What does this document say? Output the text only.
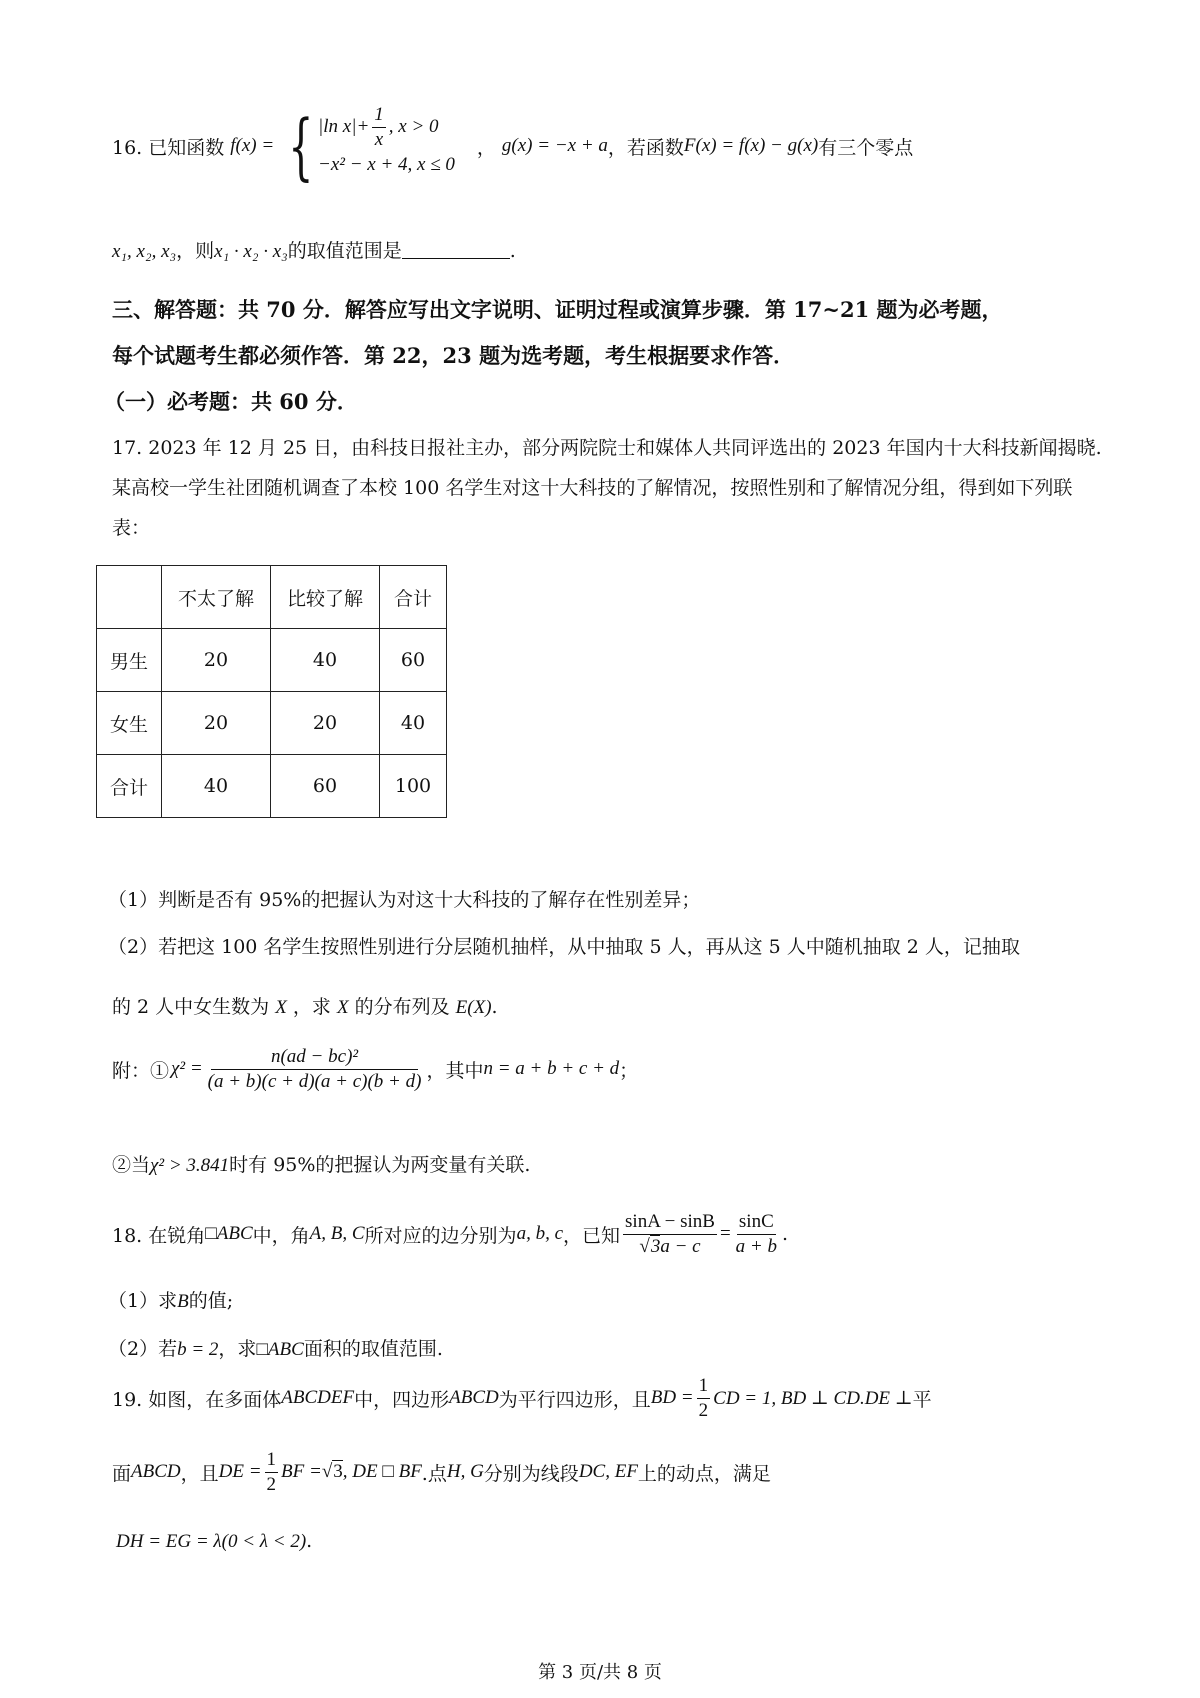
16. 已知函数 f(x) = { |ln $x| + \frac{1}{x}$ , x > 0
−x² − x + 4, x ≤ 0
， g(x) = −x + a ，若函数 F(x) = f(x) − g(x) 有三个零点
x₁, x₂, x₃，则x₁ · x₂ · x₃的取值范围是	.
三、解答题：共 70 分．解答应写出文字说明、证明过程或演算步骤．第 17~21 题为必考题，
每个试题考生都必须作答．第 22，23 题为选考题，考生根据要求作答．
（一）必考题：共 60 分．
17. 2023 年 12 月 25 日，由科技日报社主办，部分两院院士和媒体人共同评选出的 2023 年国内十大科技新闻揭晓.某高校一学生社团随机调查了本校 100 名学生对这十大科技的了解情况，按照性别和了解情况分组，得到如下列联表：
	不太了解	比较了解	合计
男生	20	40	60
女生	20	20	40
合计	40	60	100
（1）判断是否有 95%的把握认为对这十大科技的了解存在性别差异；
（2）若把这 100 名学生按照性别进行分层随机抽样，从中抽取 5 人，再从这 5 人中随机抽取 2 人，记抽取
的 2 人中女生数为 X ，求 X 的分布列及 E(X).
附：① $\chi^2 = \frac{\text{n(ad − bc)²}}{(a + b)(c + d)(a + c)(b + d)}$ ，其中 n = a + b + c + d ；
②当χ² > 3.841时有 95%的把握认为两变量有关联.
18. 在锐角 □ABC 中，角 A, B, C 所对应的边分别为 a, b, c ，已知 $\frac{\sin A - \sin B}{√3a - c} = \frac{\sin C}{a + b}$ .
（1）求B的值;
（2）若b = 2，求□ABC面积的取值范围.
19. 如图，在多面体 ABCDEF 中，四边形 ABCD 为平行四边形，且 BD = $\frac{1}{2}$ CD = 1, BD ⊥ CD.DE ⊥ 平
面 ABCD ，且 DE = $\frac{1}{2}$ BF = √3 , DE □ BF .点 H, G 分别为线段 DC, EF 上的动点，满足
DH = EG = λ(0 < λ < 2).
第 3 页/共 8 页
